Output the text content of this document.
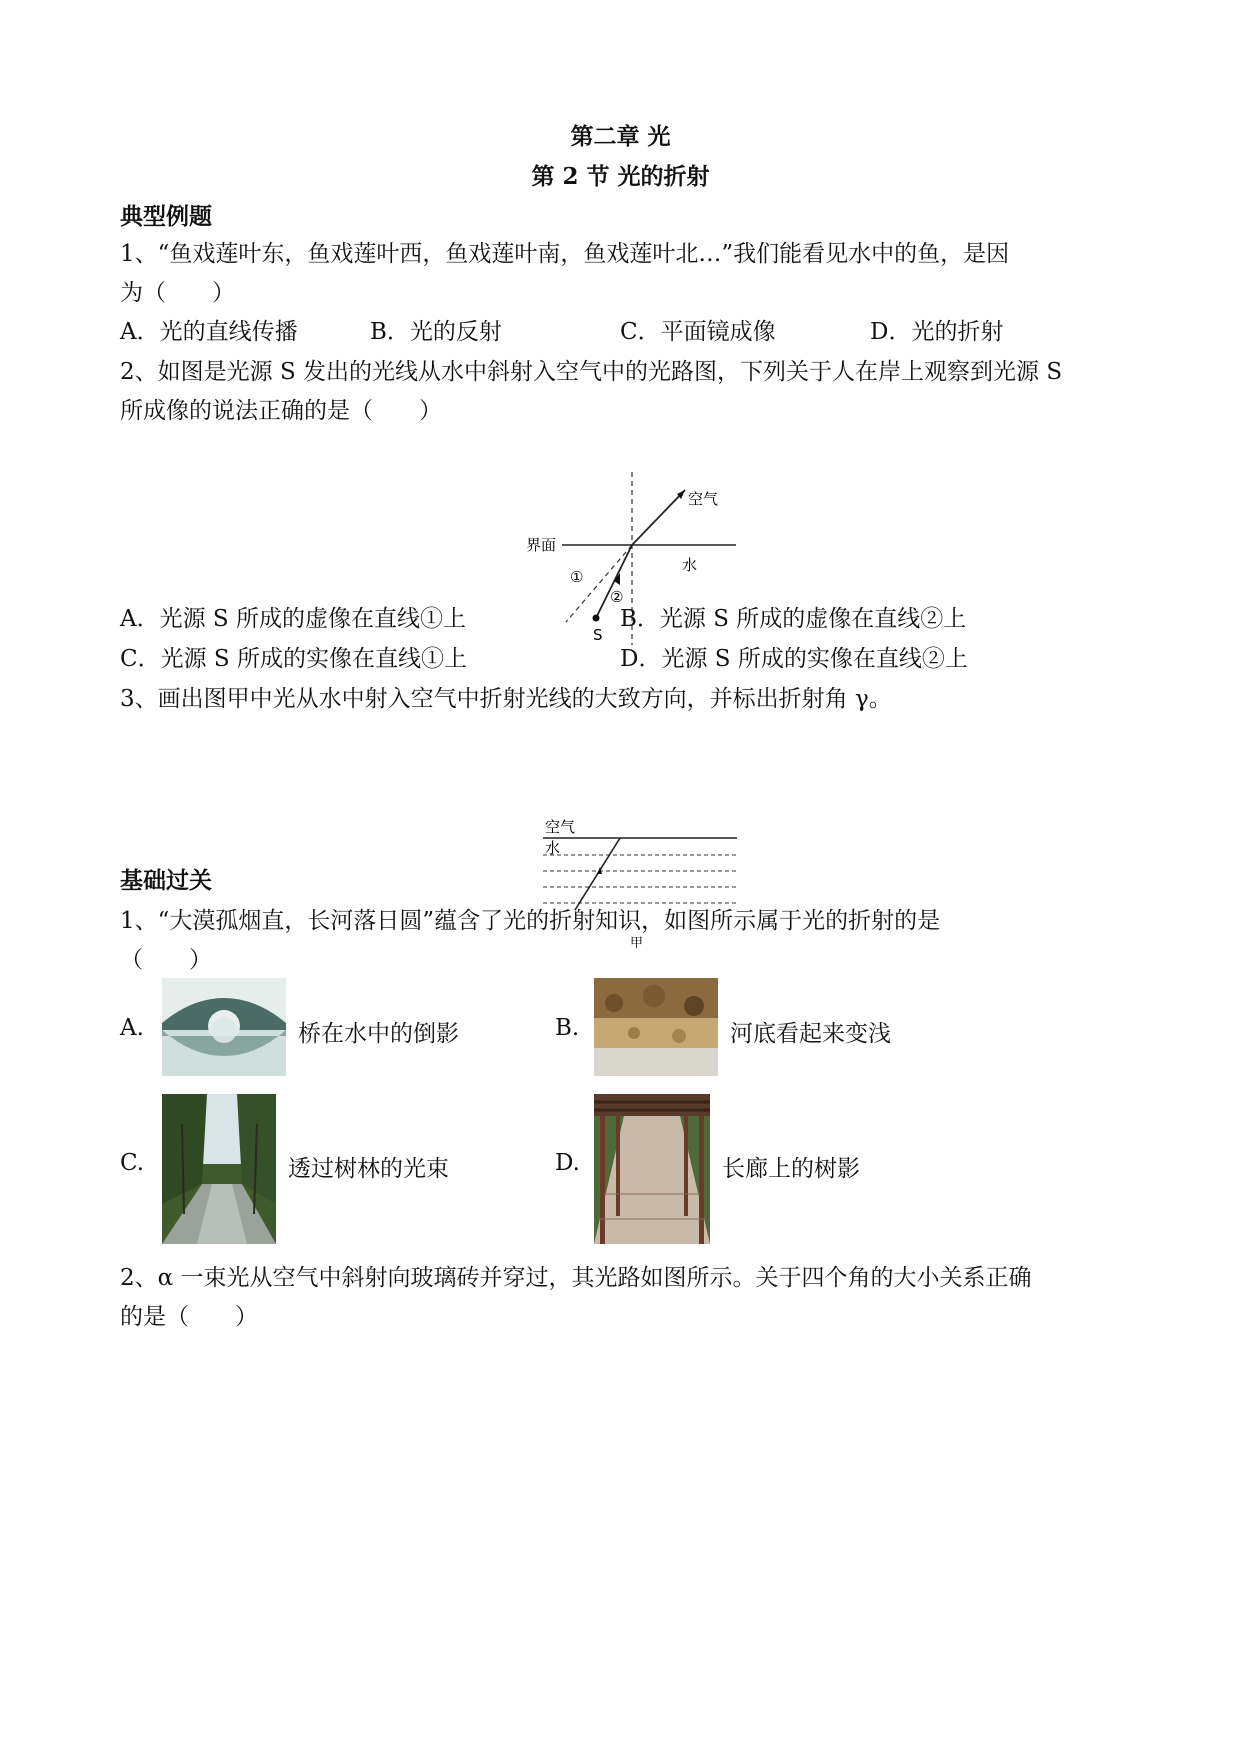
第二章 光
第 2 节 光的折射
典型例题
1、“鱼戏莲叶东，鱼戏莲叶西，鱼戏莲叶南，鱼戏莲叶北…”我们能看见水中的鱼，是因
为（　　）
A．光的直线传播	B．光的反射	C．平面镜成像	D．光的折射
2、如图是光源 S 发出的光线从水中斜射入空气中的光路图，下列关于人在岸上观察到光源 S
所成像的说法正确的是（　　）
空气
界面
水
①
②
S
A．光源 S 所成的虚像在直线①上	B．光源 S 所成的虚像在直线②上
C．光源 S 所成的实像在直线①上	D．光源 S 所成的实像在直线②上
3、画出图甲中光从水中射入空气中折射光线的大致方向，并标出折射角 γ。
空气
水
甲
基础过关
1、“大漠孤烟直，长河落日圆”蕴含了光的折射知识，如图所示属于光的折射的是
（　　）
A.	桥在水中的倒影	B.	河底看起来变浅
C.	透过树林的光束	D.	长廊上的树影
2、α 一束光从空气中斜射向玻璃砖并穿过，其光路如图所示。关于四个角的大小关系正确
的是（　　）
